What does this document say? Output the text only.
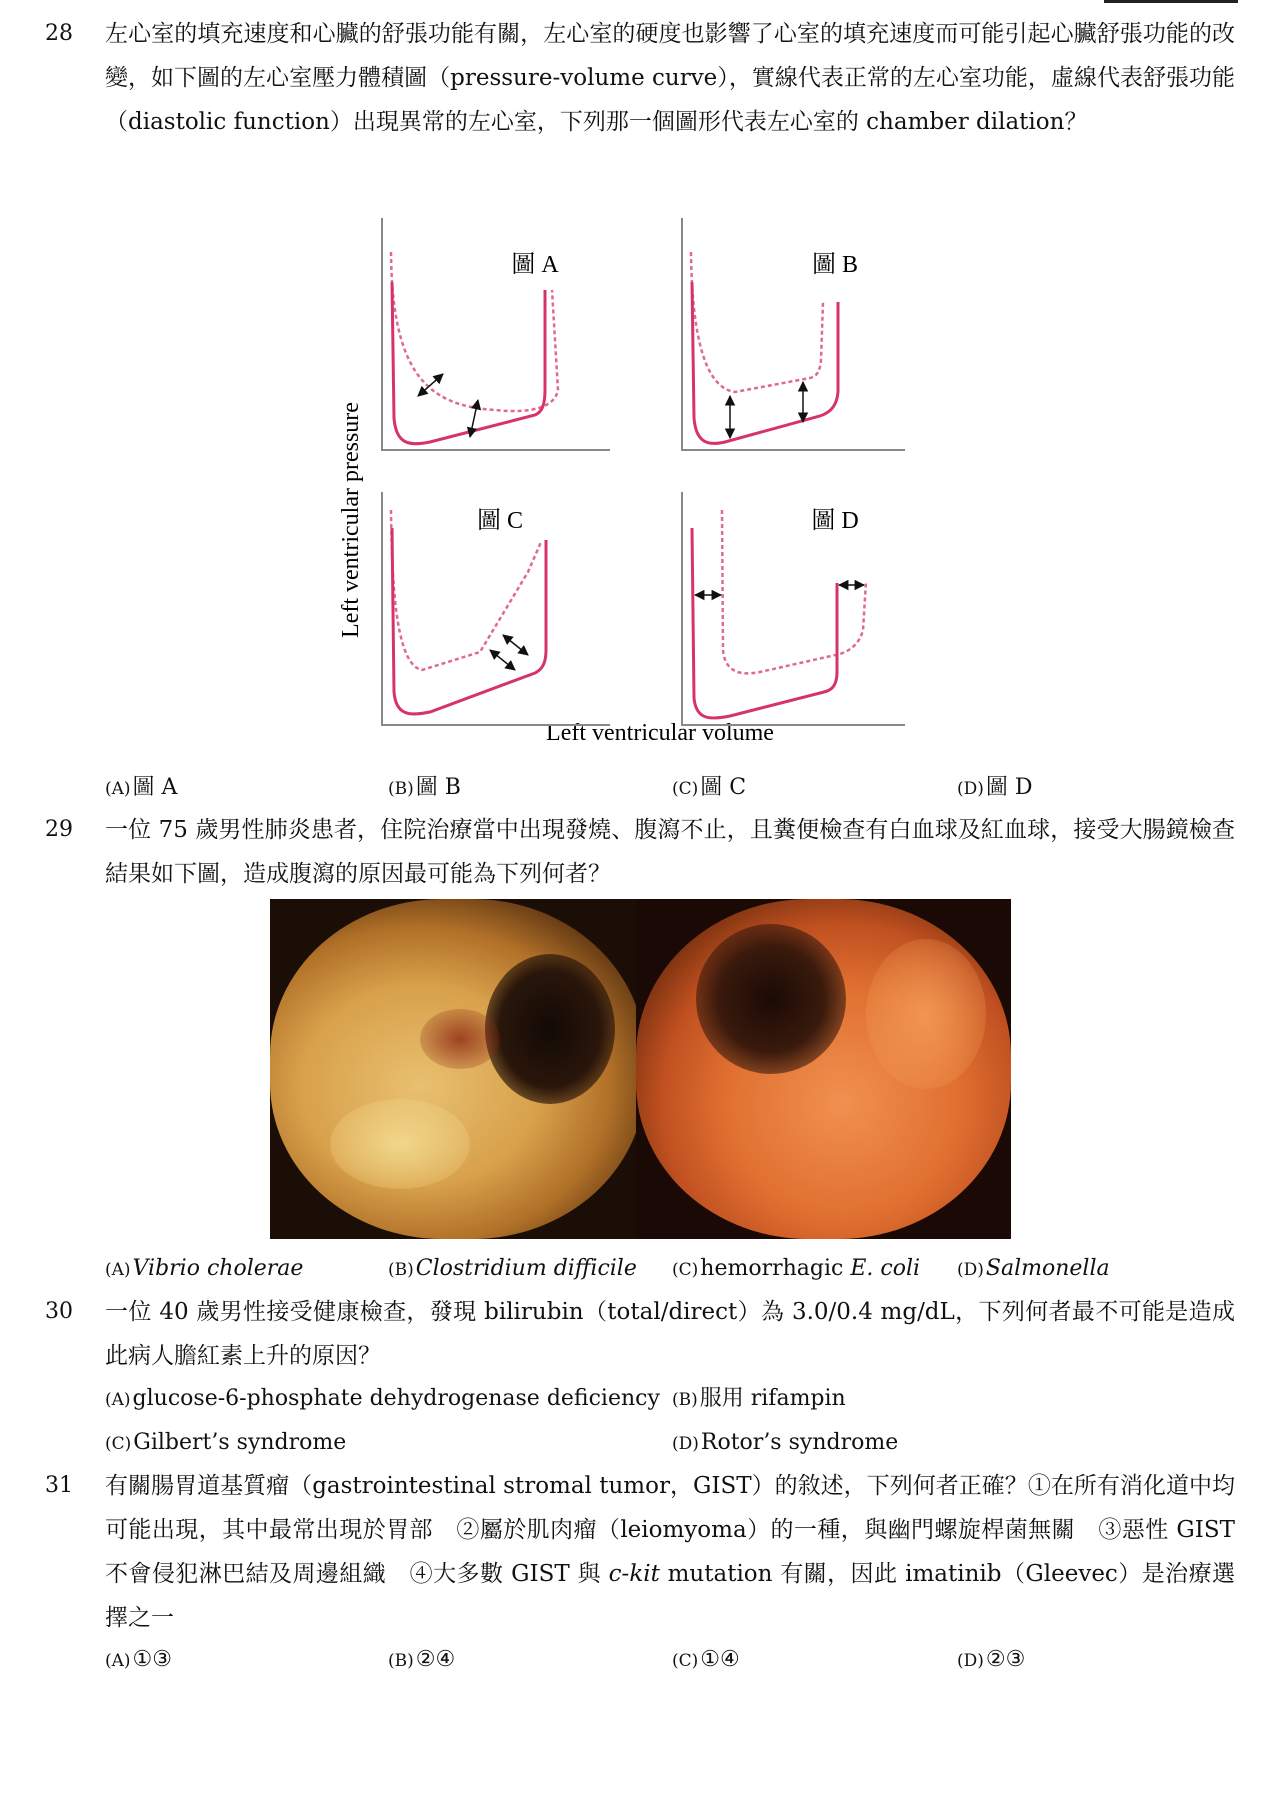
28 左心室的填充速度和心臟的舒張功能有關，左心室的硬度也影響了心室的填充速度而可能引起心臟舒張功能的改變，如下圖的左心室壓力體積圖（pressure-volume curve），實線代表正常的左心室功能，虛線代表舒張功能（diastolic function）出現異常的左心室，下列那一個圖形代表左心室的 chamber dilation？
Left ventricular pressure
Left ventricular volume
圖 A	圖 B
圖 C	圖 D
(A)圖 A	(B)圖 B	(C)圖 C	(D)圖 D
29 一位 75 歲男性肺炎患者，住院治療當中出現發燒、腹瀉不止，且糞便檢查有白血球及紅血球，接受大腸鏡檢查結果如下圖，造成腹瀉的原因最可能為下列何者？
(A)Vibrio cholerae	(B)Clostridium difficile (C)hemorrhagic E. coli (D)Salmonella
30 一位 40 歲男性接受健康檢查，發現 bilirubin（total/direct）為 3.0/0.4 mg/dL，下列何者最不可能是造成此病人膽紅素上升的原因？
(A)glucose-6-phosphate dehydrogenase deficiency (B)服用 rifampin
(C)Gilbert’s syndrome	(D)Rotor’s syndrome
31 有關腸胃道基質瘤（gastrointestinal stromal tumor，GIST）的敘述，下列何者正確？①在所有消化道中均可能出現，其中最常出現於胃部　②屬於肌肉瘤（leiomyoma）的一種，與幽門螺旋桿菌無關　③惡性 GIST 不會侵犯淋巴結及周邊組織　④大多數 GIST 與 c-kit mutation 有關，因此 imatinib（Gleevec）是治療選擇之一
(A)①③	(B)②④	(C)①④	(D)②③
